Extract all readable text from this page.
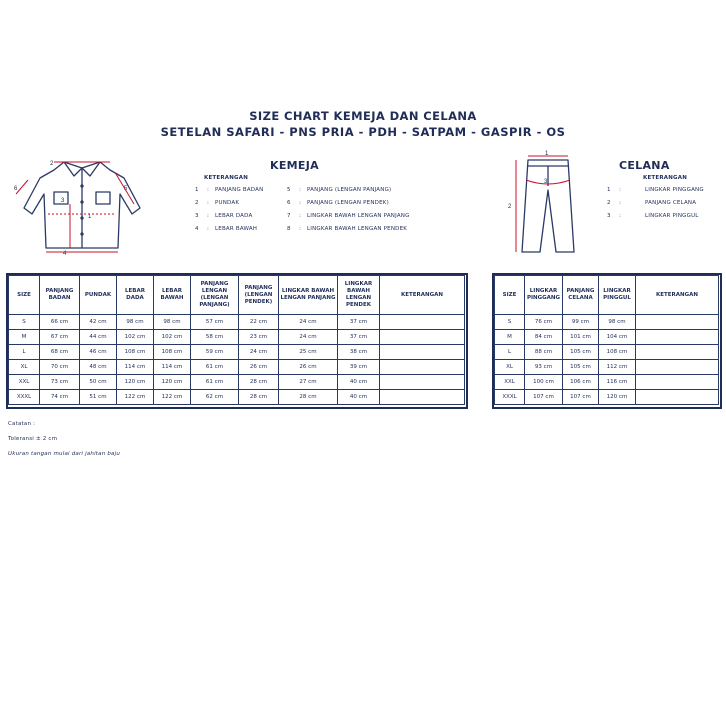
SIZE CHART KEMEJA DAN CELANA
SETELAN SAFARI - PNS PRIA - PDH - SATPAM - GASPIR - OS
2
3
1
4
5
6
KEMEJA
KETERANGAN
1 : PANJANG BADAN
2 : PUNDAK
3 : LEBAR DADA
4 : LEBAR BAWAH
5 : PANJANG (LENGAN PANJANG)
6 : PANJANG (LENGAN PENDEK)
7 : LINGKAR BAWAH LENGAN PANJANG
8 : LINGKAR BAWAH LENGAN PENDEK
1
3
2
CELANA
KETERANGAN
1 :	LINGKAR PINGGANG
2 :	PANJANG CELANA
3 :	LINGKAR PINGGUL
SIZE	PANJANG BADAN	PUNDAK	LEBAR DADA	LEBAR BAWAH	PANJANG LENGAN (LENGAN PANJANG)	PANJANG (LENGAN PENDEK)	LINGKAR BAWAH LENGAN PANJANG	LINGKAR BAWAH LENGAN PENDEK	KETERANGAN
S	66 cm	42 cm	98 cm	98 cm	57 cm	22 cm	24 cm	37 cm	
M	67 cm	44 cm	102 cm	102 cm	58 cm	23 cm	24 cm	37 cm	
L	68 cm	46 cm	108 cm	108 cm	59 cm	24 cm	25 cm	38 cm	
XL	70 cm	48 cm	114 cm	114 cm	61 cm	26 cm	26 cm	39 cm	
XXL	73 cm	50 cm	120 cm	120 cm	61 cm	28 cm	27 cm	40 cm	
XXXL	74 cm	51 cm	122 cm	122 cm	62 cm	28 cm	28 cm	40 cm	
SIZE	LINGKAR PINGGANG	PANJANG CELANA	LINGKAR PINGGUL	KETERANGAN
S	76 cm	99 cm	98 cm	
M	84 cm	101 cm	104 cm	
L	88 cm	105 cm	108 cm	
XL	93 cm	105 cm	112 cm	
XXL	100 cm	106 cm	116 cm	
XXXL	107 cm	107 cm	120 cm	
Catatan :
Toleransi ± 2 cm
Ukuran tangan mulai dari jahitan baju
